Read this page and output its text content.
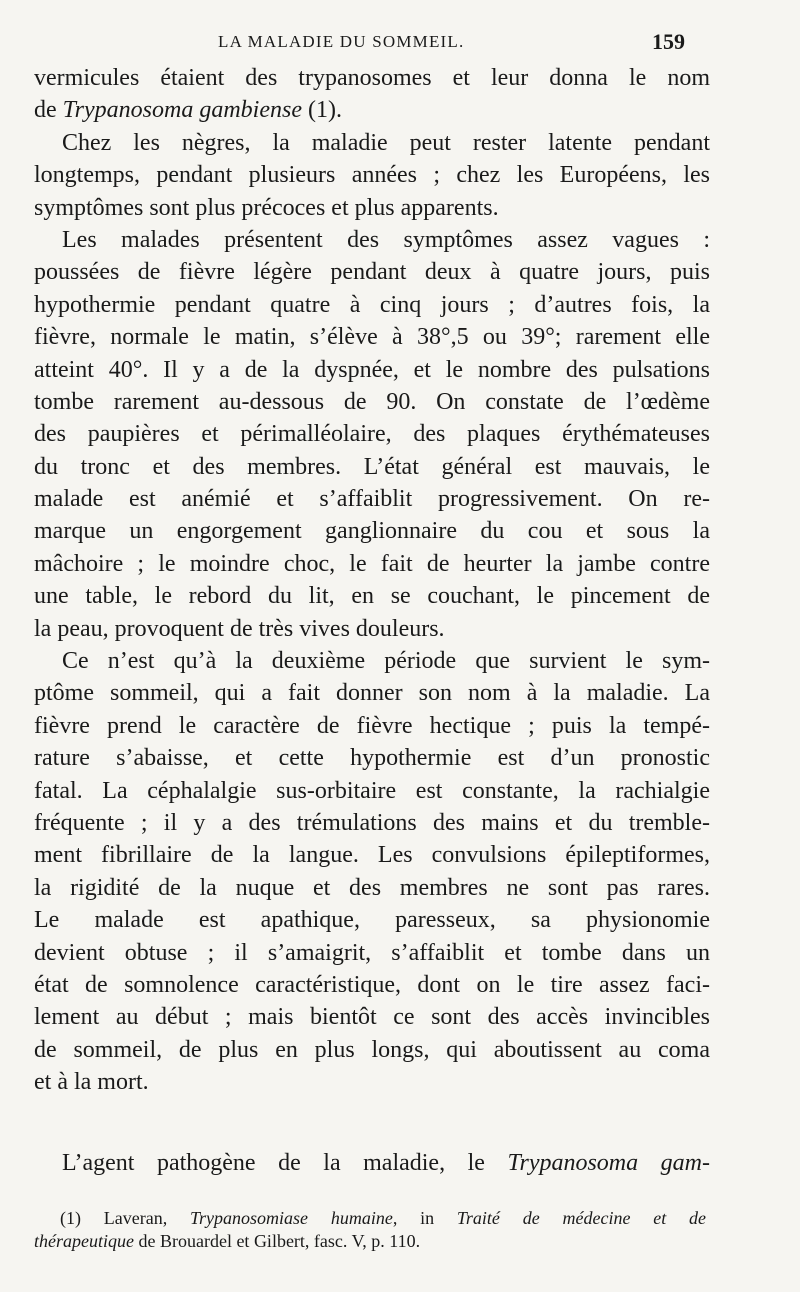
LA MALADIE DU SOMMEIL.	159
vermicules étaient des trypanosomes et leur donna le nom
de Trypanosoma gambiense (1).
Chez les nègres, la maladie peut rester latente pendant
longtemps, pendant plusieurs années ; chez les Européens, les
symptômes sont plus précoces et plus apparents.
Les malades présentent des symptômes assez vagues :
poussées de fièvre légère pendant deux à quatre jours, puis
hypothermie pendant quatre à cinq jours ; d’autres fois, la
fièvre, normale le matin, s’élève à 38°,5 ou 39°; rarement elle
atteint 40°. Il y a de la dyspnée, et le nombre des pulsations
tombe rarement au-dessous de 90. On constate de l’œdème
des paupières et périmalléolaire, des plaques érythémateuses
du tronc et des membres. L’état général est mauvais, le
malade est anémié et s’affaiblit progressivement. On re-
marque un engorgement ganglionnaire du cou et sous la
mâchoire ; le moindre choc, le fait de heurter la jambe contre
une table, le rebord du lit, en se couchant, le pincement de
la peau, provoquent de très vives douleurs.
Ce n’est qu’à la deuxième période que survient le sym-
ptôme sommeil, qui a fait donner son nom à la maladie. La
fièvre prend le caractère de fièvre hectique ; puis la tempé-
rature s’abaisse, et cette hypothermie est d’un pronostic
fatal. La céphalalgie sus-orbitaire est constante, la rachialgie
fréquente ; il y a des trémulations des mains et du tremble-
ment fibrillaire de la langue. Les convulsions épileptiformes,
la rigidité de la nuque et des membres ne sont pas rares.
Le malade est apathique, paresseux, sa physionomie
devient obtuse ; il s’amaigrit, s’affaiblit et tombe dans un
état de somnolence caractéristique, dont on le tire assez faci-
lement au début ; mais bientôt ce sont des accès invincibles
de sommeil, de plus en plus longs, qui aboutissent au coma
et à la mort.
L’agent pathogène de la maladie, le Trypanosoma gam-
(1) Laveran, Trypanosomiase humaine, in Traité de médecine et de
thérapeutique de Brouardel et Gilbert, fasc. V, p. 110.
